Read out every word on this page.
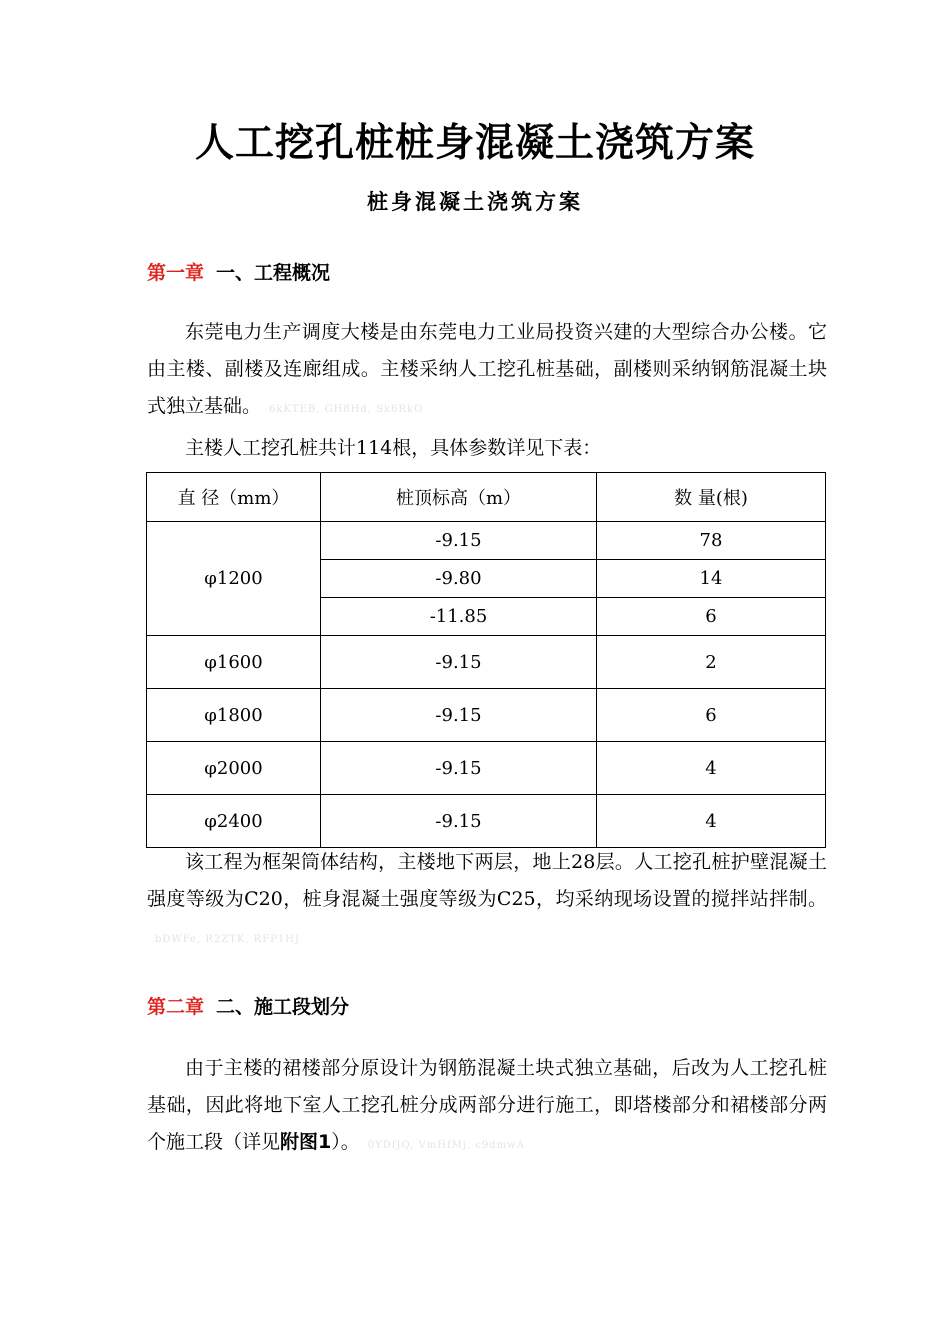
人工挖孔桩桩身混凝土浇筑方案
桩身混凝土浇筑方案
第一章 一、工程概况

东莞电力生产调度大楼是由东莞电力工业局投资兴建的大型综合办公楼。它由主楼、副楼及连廊组成。主楼采纳人工挖孔桩基础，副楼则采纳钢筋混凝土块式独立基础。 6kKTEB, GH8Hd, Sk6RkO

主楼人工挖孔桩共计114根，具体参数详见下表：

直 径（mm）	桩顶标高（m）	数 量(根)
φ1200	-9.15	78
	-9.80	14
	-11.85	6
φ1600	-9.15	2
φ1800	-9.15	6
φ2000	-9.15	4
φ2400	-9.15	4

该工程为框架筒体结构，主楼地下两层，地上28层。人工挖孔桩护壁混凝土强度等级为C20，桩身混凝土强度等级为C25，均采纳现场设置的搅拌站拌制。bDWFe, R2ZTK, RFP1HJ

第二章 二、施工段划分

由于主楼的裙楼部分原设计为钢筋混凝土块式独立基础，后改为人工挖孔桩基础，因此将地下室人工挖孔桩分成两部分进行施工，即塔楼部分和裙楼部分两个施工段（详见附图1）。 0YDfJQ, VmHfMj, c9dmwA
